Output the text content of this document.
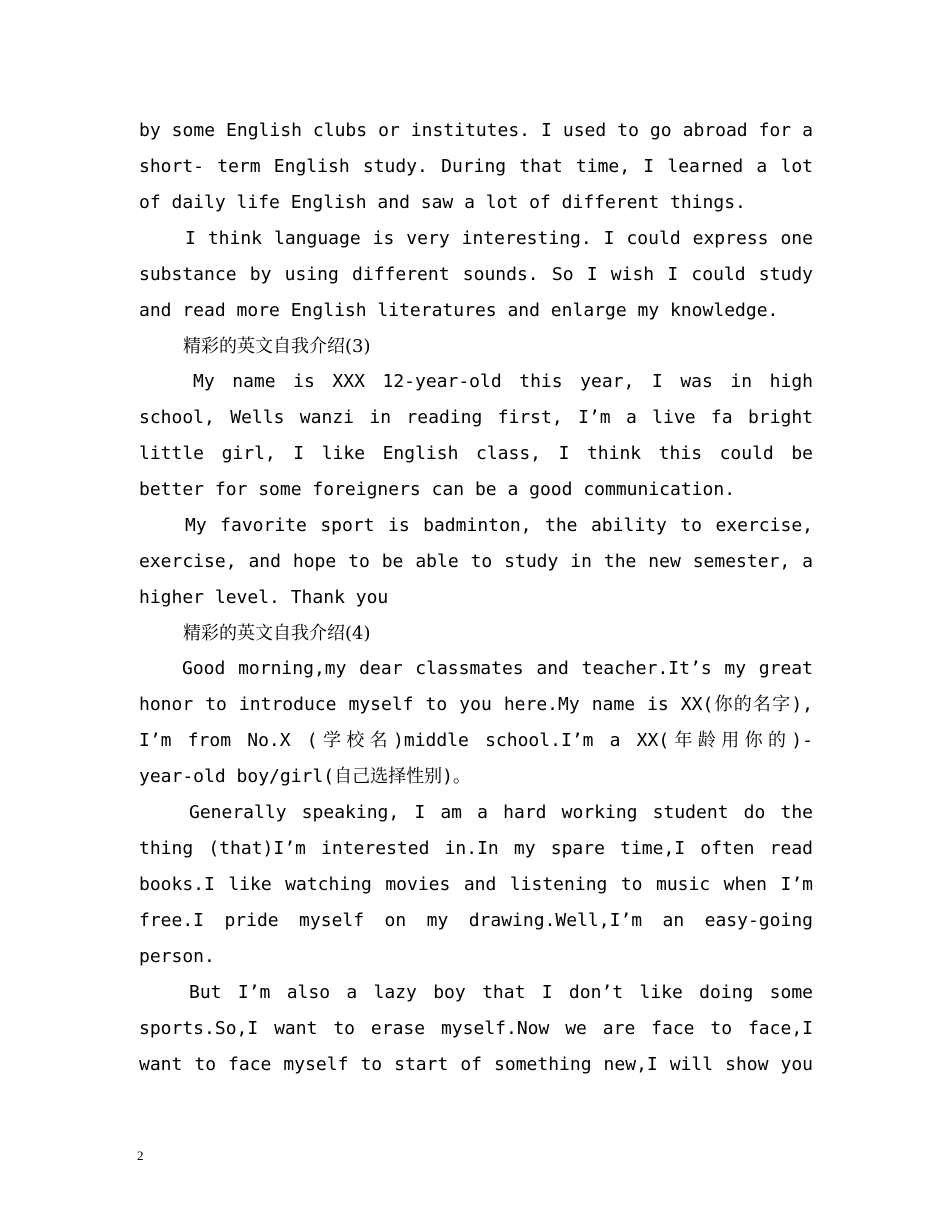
by some English clubs or institutes. I used to go abroad for a
short- term English study. During that time, I learned a lot
of daily life English and saw a lot of different things.
I think language is very interesting. I could express one
substance by using different sounds. So I wish I could study
and read more English literatures and enlarge my knowledge.
精彩的英文自我介绍(3)
My name is XXX 12-year-old this year, I was in high
school, Wells wanzi in reading first, I’m a live fa bright
little girl, I like English class, I think this could be
better for some foreigners can be a good communication.
My favorite sport is badminton, the ability to exercise,
exercise, and hope to be able to study in the new semester, a
higher level. Thank you
精彩的英文自我介绍(4)
Good morning,my dear classmates and teacher.It’s my great
honor to introduce myself to you here.My name is XX(你的名字),
I’m from No.X (学校名)middle school.I’m a XX(年龄用你的)-
year-old boy/girl(自己选择性别)。
Generally speaking, I am a hard working student do the
thing (that)I’m interested in.In my spare time,I often read
books.I like watching movies and listening to music when I’m
free.I pride myself on my drawing.Well,I’m an easy-going
person.
But I’m also a lazy boy that I don’t like doing some
sports.So,I want to erase myself.Now we are face to face,I
want to face myself to start of something new,I will show you
2
